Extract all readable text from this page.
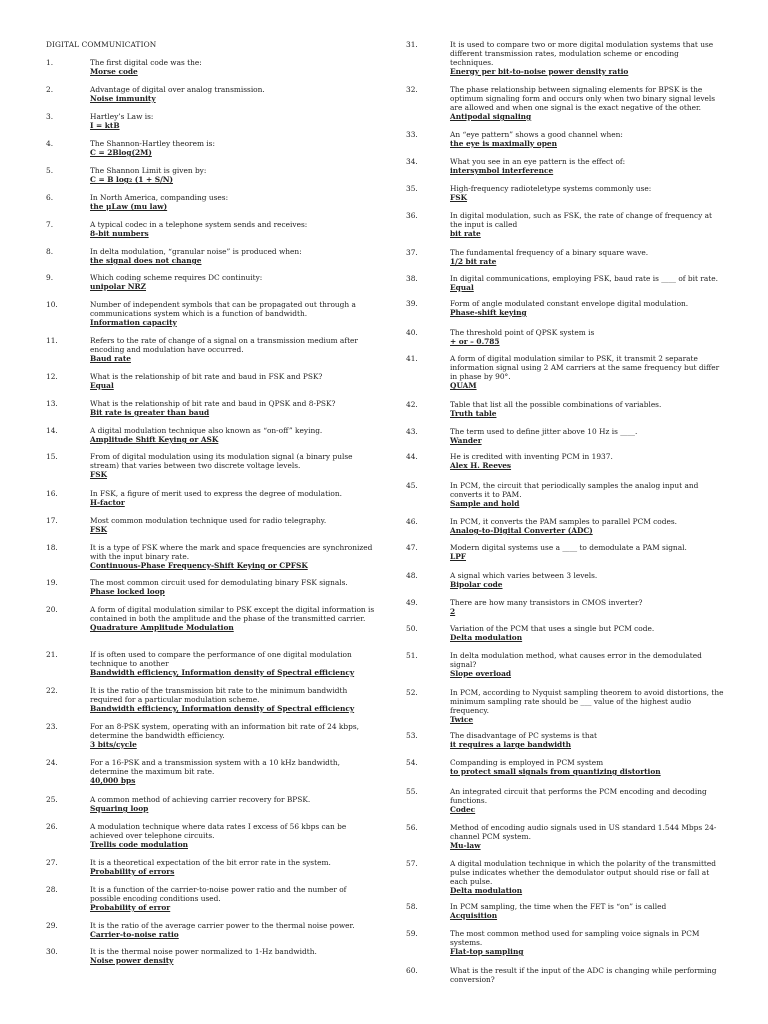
DIGITAL COMMUNICATION
1.	The first digital code was the:
Morse code
2.	Advantage of digital over analog transmission.
Noise immunity
3.	Hartley’s Law is:
I = ktB
4.	The Shannon-Hartley theorem is:
C = 2Blog(2M)
5.	The Shannon Limit is given by:
C = B log₂ (1 + S/N)
6.	In North America, companding uses:
the μLaw (mu law)
7.	A typical codec in a telephone system sends and receives:
8-bit numbers
8.	In delta modulation, “granular noise” is produced when:
the signal does not change
9.	Which coding scheme requires DC continuity:
unipolar NRZ
10.	Number of independent symbols that can be propagated out through a communications system which is a function of bandwidth.
Information capacity
11.	Refers to the rate of change of a signal on a transmission medium after encoding and modulation have occurred.
Baud rate
12.	What is the relationship of bit rate and baud in FSK and PSK?
Equal
13.	What is the relationship of bit rate and baud in QPSK and 8-PSK?
Bit rate is greater than baud
14.	A digital modulation technique also known as “on-off” keying.
Amplitude Shift Keying or ASK
15.	From of digital modulation using its modulation signal (a binary pulse stream) that varies between two discrete voltage levels.
FSK
16.	In FSK, a figure of merit used to express the degree of modulation.
H-factor
17.	Most common modulation technique used for radio telegraphy.
FSK
18.	It is a type of FSK where the mark and space frequencies are synchronized with the input binary rate.
Continuous-Phase Frequency-Shift Keying or CPFSK
19.	The most common circuit used for demodulating binary FSK signals.
Phase locked loop
20.	A form of digital modulation similar to PSK except the digital information is contained in both the amplitude and the phase of the transmitted carrier.
Quadrature Amplitude Modulation
21.	If is often used to compare the performance of one digital modulation technique to another
Bandwidth efficiency, Information density of Spectral efficiency
22.	It is the ratio of the transmission bit rate to the minimum bandwidth required for a particular modulation scheme.
Bandwidth efficiency, Information density of Spectral efficiency
23.	For an 8-PSK system, operating with an information bit rate of 24 kbps, determine the bandwidth efficiency.
3 bits/cycle
24.	For a 16-PSK and a transmission system with a 10 kHz bandwidth, determine the maximum bit rate.
40,000 bps
25.	A common method of achieving carrier recovery for BPSK.
Squaring loop
26.	A modulation technique where data rates I excess of 56 kbps can be achieved over telephone circuits.
Trellis code modulation
27.	It is a theoretical expectation of the bit error rate in the system.
Probability of errors
28.	It is a function of the carrier-to-noise power ratio and the number of possible encoding conditions used.
Probability of error
29.	It is the ratio of the average carrier power to the thermal noise power.
Carrier-to-noise ratio
30.	It is the thermal noise power normalized to 1-Hz bandwidth.
Noise power density
31.	It is used to compare two or more digital modulation systems that use different transmission rates, modulation scheme or encoding techniques.
Energy per bit-to-noise power density ratio
32.	The phase relationship between signaling elements for BPSK is the optimum signaling form and occurs only when two binary signal levels are allowed and when one signal is the exact negative of the other.
Antipodal signaling
33.	An “eye pattern” shows a good channel when:
the eye is maximally open
34.	What you see in an eye pattern is the effect of:
intersymbol interference
35.	High-frequency radioteletype systems commonly use:
FSK
36.	In digital modulation, such as FSK, the rate of change of frequency at the input is called
bit rate
37.	The fundamental frequency of a binary square wave.
1/2 bit rate
38.	In digital communications, employing FSK, baud rate is ____ of bit rate.
Equal
39.	Form of angle modulated constant envelope digital modulation.
Phase-shift keying
40.	The threshold point of QPSK system is
+ or – 0.785
41.	A form of digital modulation similar to PSK, it transmit 2 separate information signal using 2 AM carriers at the same frequency but differ in phase by 90°.
QUAM
42.	Table that list all the possible combinations of variables.
Truth table
43.	The term used to define jitter above 10 Hz is ____.
Wander
44.	He is credited with inventing PCM in 1937.
Alex H. Reeves
45.	In PCM, the circuit that periodically samples the analog input and converts it to PAM.
Sample and hold
46.	In PCM, it converts the PAM samples to parallel PCM codes.
Analog-to-Digital Converter (ADC)
47.	Modern digital systems use a ____ to demodulate a PAM signal.
LPF
48.	A signal which varies between 3 levels.
Bipolar code
49.	There are how many transistors in CMOS inverter?
2
50.	Variation of the PCM that uses a single but PCM code.
Delta modulation
51.	In delta modulation method, what causes error in the demodulated signal?
Slope overload
52.	In PCM, according to Nyquist sampling theorem to avoid distortions, the minimum sampling rate should be ___ value of the highest audio frequency.
Twice
53.	The disadvantage of PC systems is that
it requires a large bandwidth
54.	Companding is employed in PCM system
to protect small signals from quantizing distortion
55.	An integrated circuit that performs the PCM encoding and decoding functions.
Codec
56.	Method of encoding audio signals used in US standard 1.544 Mbps 24-channel PCM system.
Mu-law
57.	A digital modulation technique in which the polarity of the transmitted pulse indicates whether the demodulator output should rise or fall at each pulse.
Delta modulation
58.	In PCM sampling, the time when the FET is “on” is called
Acquisition
59.	The most common method used for sampling voice signals in PCM systems.
Flat-top sampling
60.	What is the result if the input of the ADC is changing while performing conversion?
